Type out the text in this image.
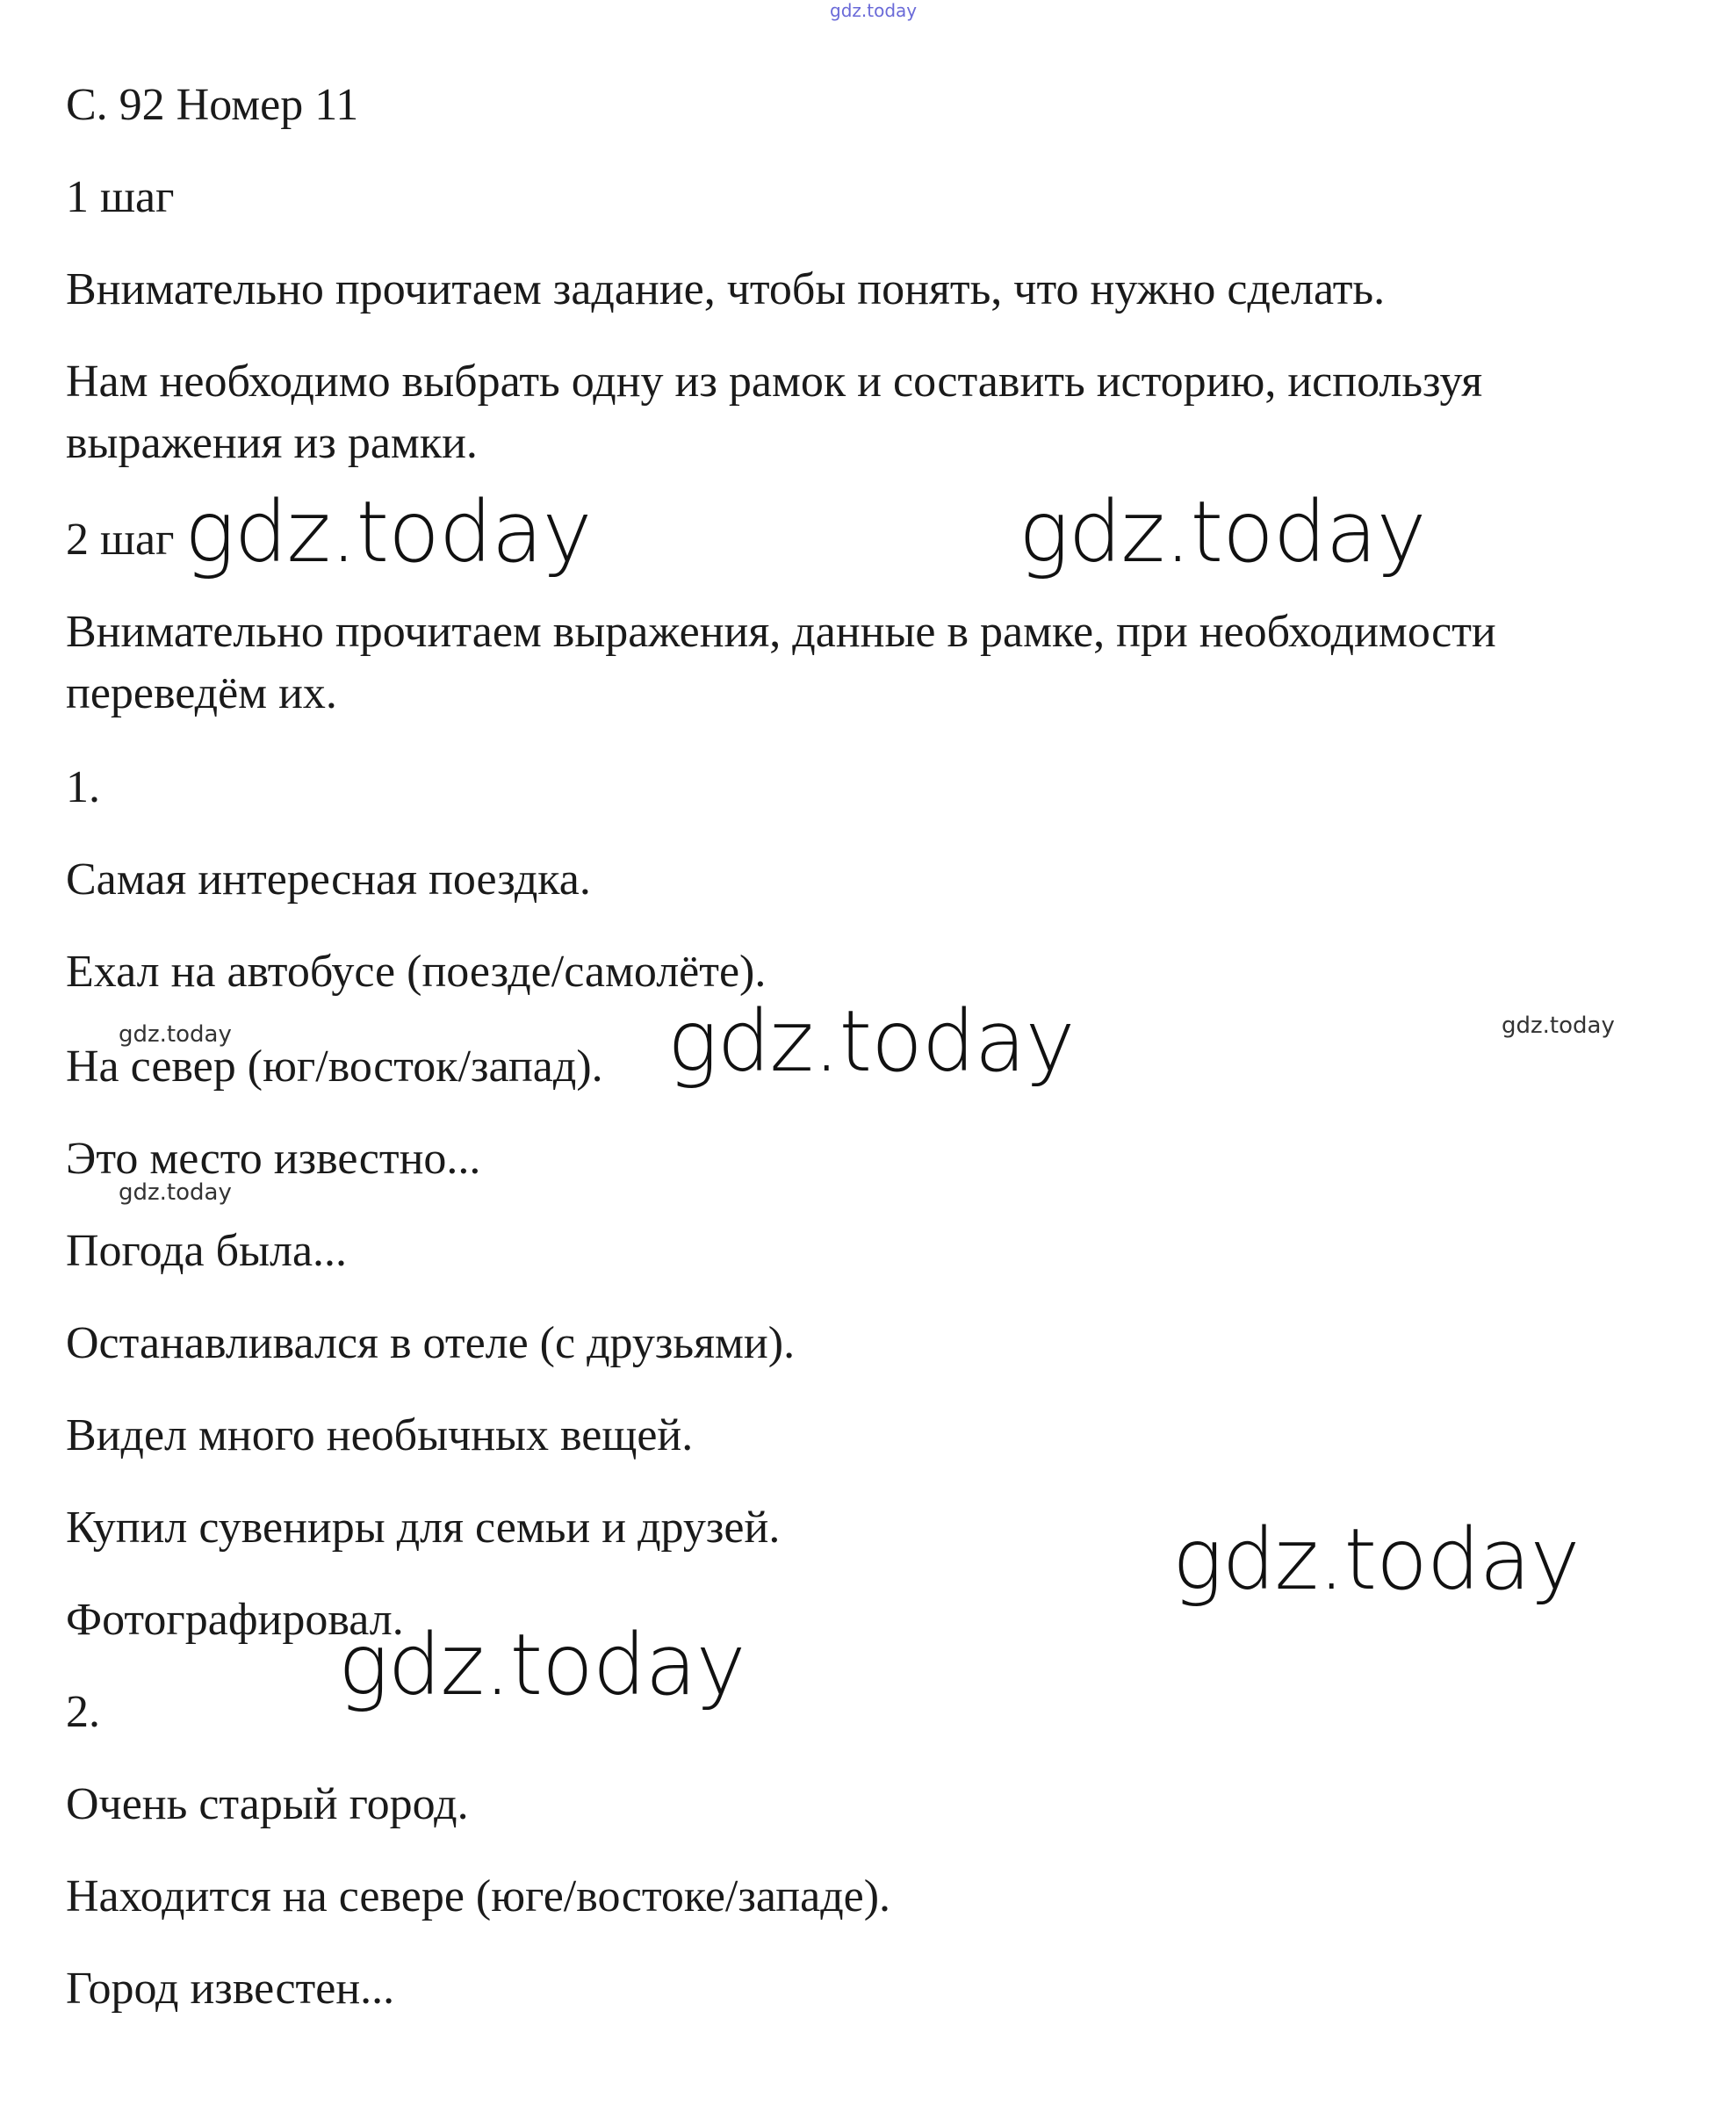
gdz.today
С. 92 Номер 11
1 шаг
Внимательно прочитаем задание, чтобы понять, что нужно сделать.
Нам необходимо выбрать одну из рамок и составить историю, используя
выражения из рамки.
2 шаг gdz.today	gdz.today
Внимательно прочитаем выражения, данные в рамке, при необходимости
переведём их.
1.
Самая интересная поездка.
Ехал на автобусе (поезде/самолёте).
gdz.today	gdz.today
На север (юг/восток/запад). gdz.today
Это место известно...
gdz.today
Погода была...
Останавливался в отеле (с друзьями).
Видел много необычных вещей.
Купил сувениры для семьи и друзей.	gdz.today
Фотографировал.
gdz.today
2.
Очень старый город.
Находится на севере (юге/востоке/западе).
Город известен...
